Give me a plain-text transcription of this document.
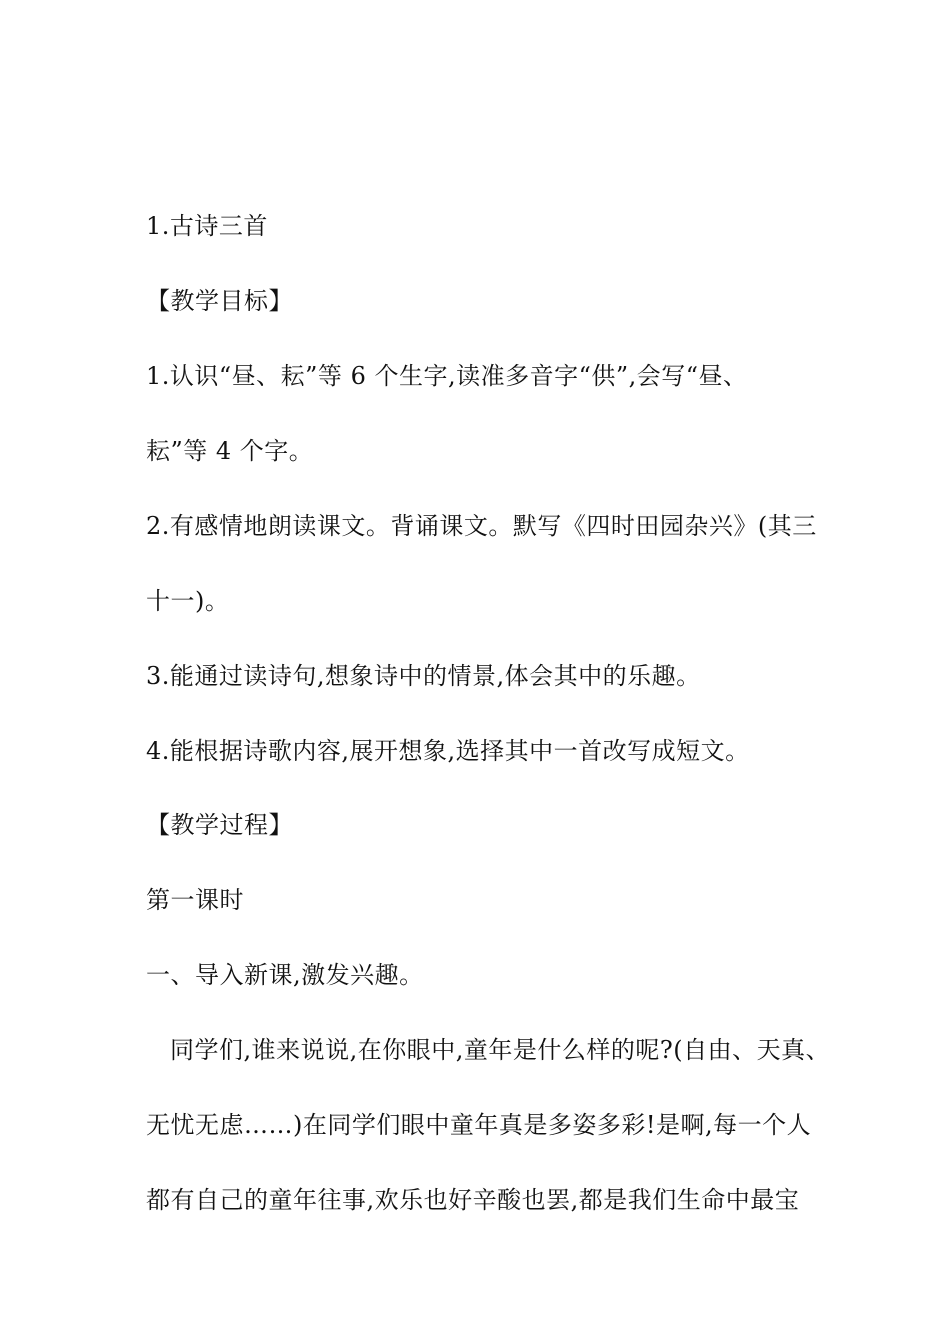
1.古诗三首
【教学目标】
1.认识“昼、耘”等 6 个生字,读准多音字“供”,会写“昼、
耘”等 4 个字。
2.有感情地朗读课文。背诵课文。默写《四时田园杂兴》(其三
十一)。
3.能通过读诗句,想象诗中的情景,体会其中的乐趣。
4.能根据诗歌内容,展开想象,选择其中一首改写成短文。
【教学过程】
第一课时
一、导入新课,激发兴趣。
同学们,谁来说说,在你眼中,童年是什么样的呢?(自由、天真、
无忧无虑……)在同学们眼中童年真是多姿多彩!是啊,每一个人
都有自己的童年往事,欢乐也好辛酸也罢,都是我们生命中最宝
